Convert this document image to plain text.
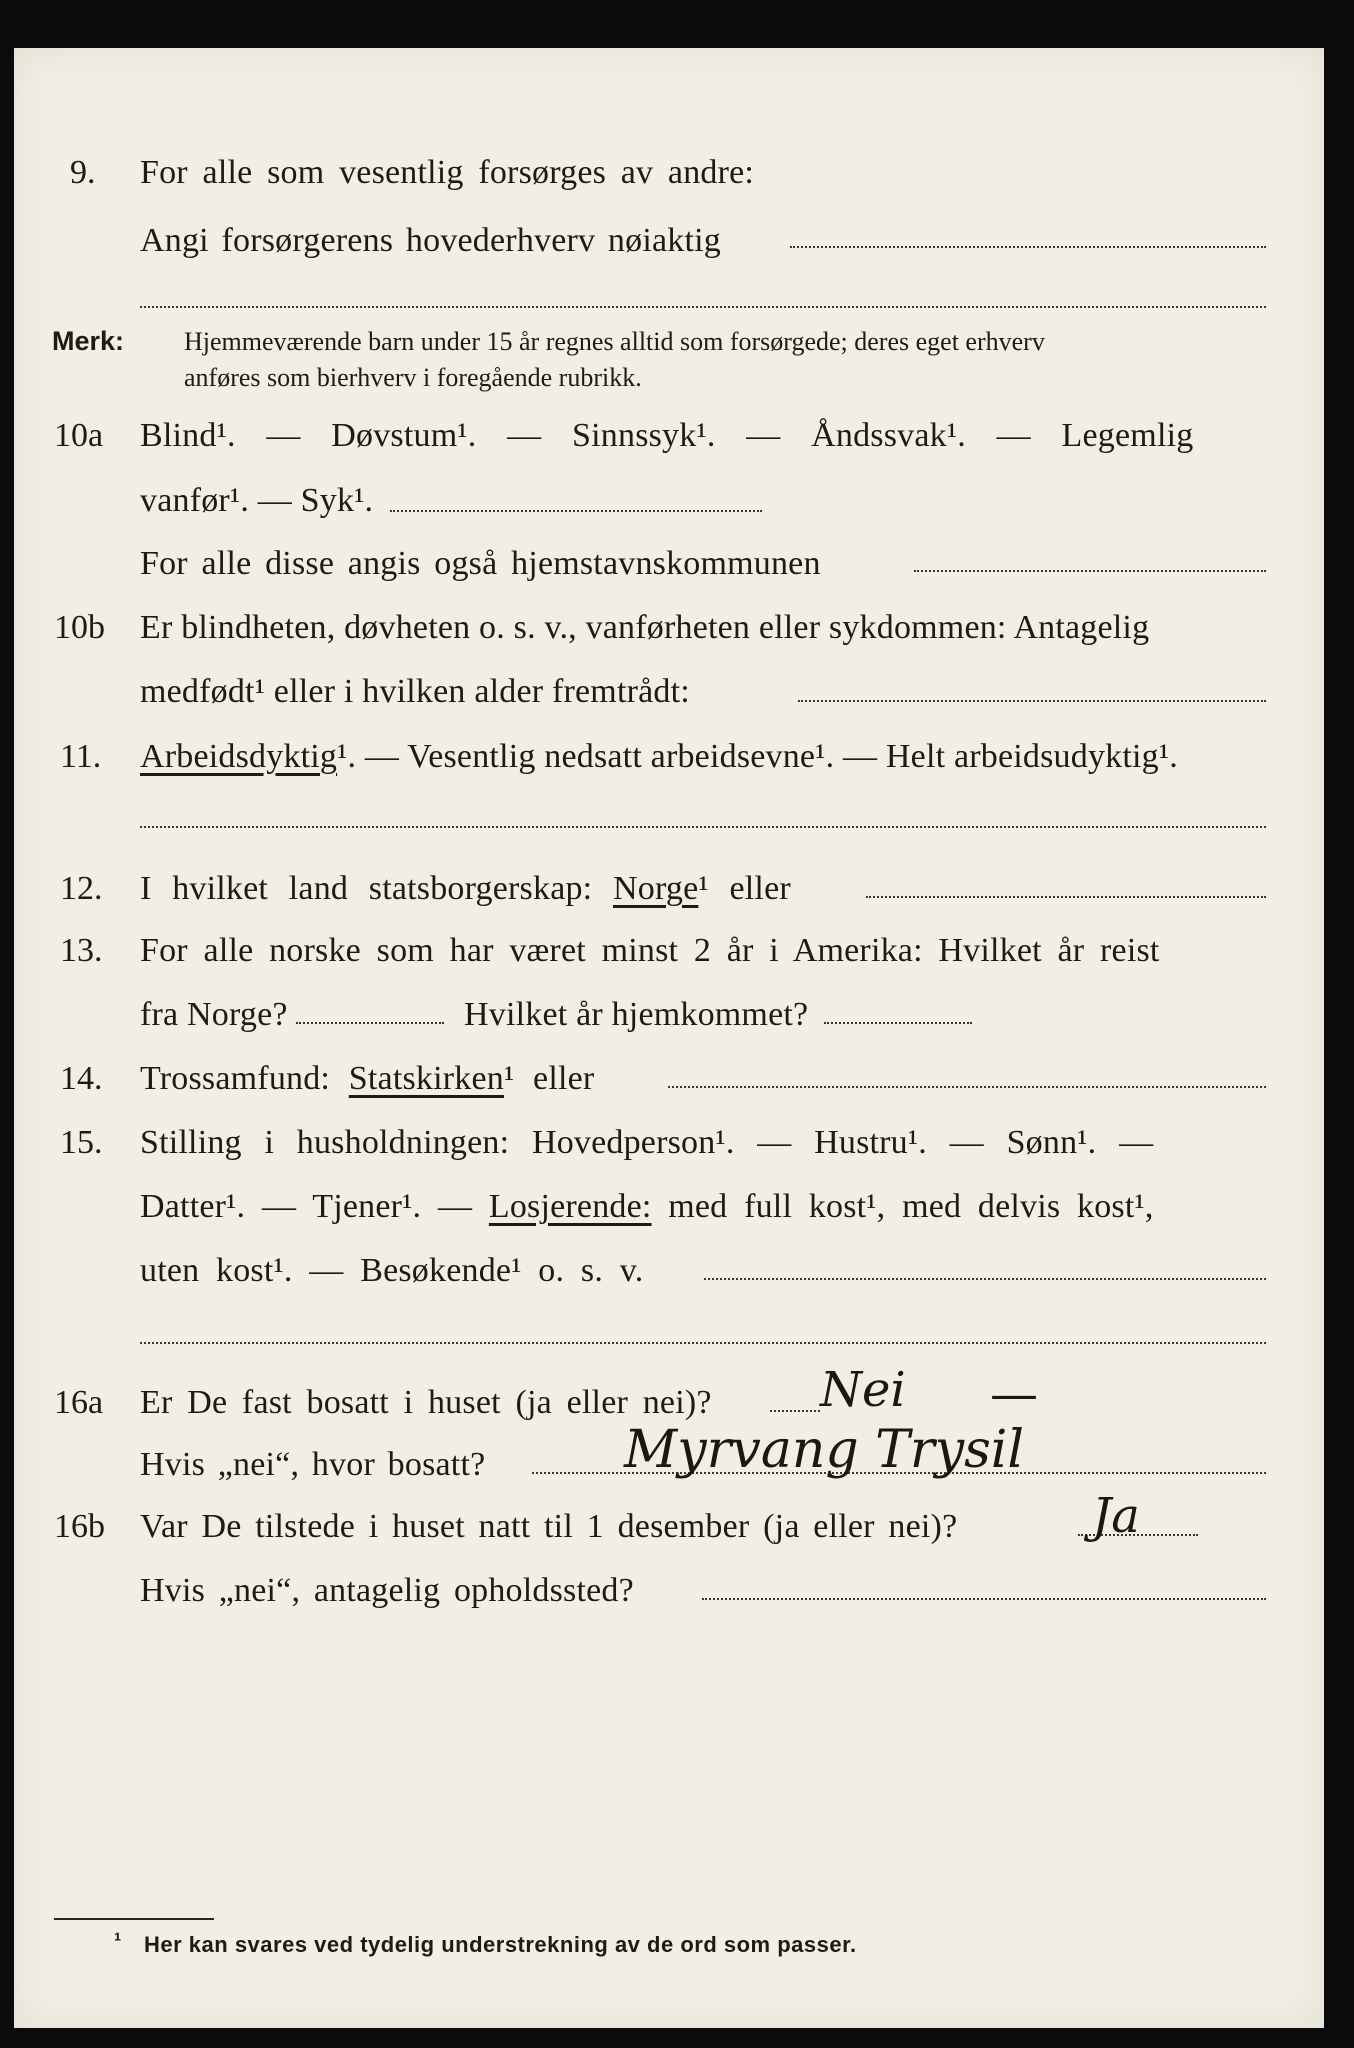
9. For alle som vesentlig forsørges av andre:
Angi forsørgerens hovederhverv nøiaktig
Merk: Hjemmeværende barn under 15 år regnes alltid som forsørgede; deres eget erhverv
anføres som bierhverv i foregående rubrikk.
10a Blind¹. — Døvstum¹. — Sinnssyk¹. — Åndssvak¹. — Legemlig
vanfør¹. — Syk¹.
For alle disse angis også hjemstavnskommunen
10b Er blindheten, døvheten o. s. v., vanførheten eller sykdommen: Antagelig
medfødt¹ eller i hvilken alder fremtrådt:
11. Arbeidsdyktig¹. — Vesentlig nedsatt arbeidsevne¹. — Helt arbeidsudyktig¹.
12. I hvilket land statsborgerskap: Norge¹ eller
13. For alle norske som har været minst 2 år i Amerika: Hvilket år reist
fra Norge?	Hvilket år hjemkommet?
14. Trossamfund: Statskirken¹ eller
15. Stilling i husholdningen: Hovedperson¹. — Hustru¹. — Sønn¹. —
Datter¹. — Tjener¹. — Losjerende: med full kost¹, med delvis kost¹,
uten kost¹. — Besøkende¹ o. s. v.
16a Er De fast bosatt i huset (ja eller nei)? Nei —
Hvis „nei“, hvor bosatt?	Myrvang Trysil
16b Var De tilstede i huset natt til 1 desember (ja eller nei)?	Ja
Hvis „nei“, antagelig opholdssted?
¹ Her kan svares ved tydelig understrekning av de ord som passer.
